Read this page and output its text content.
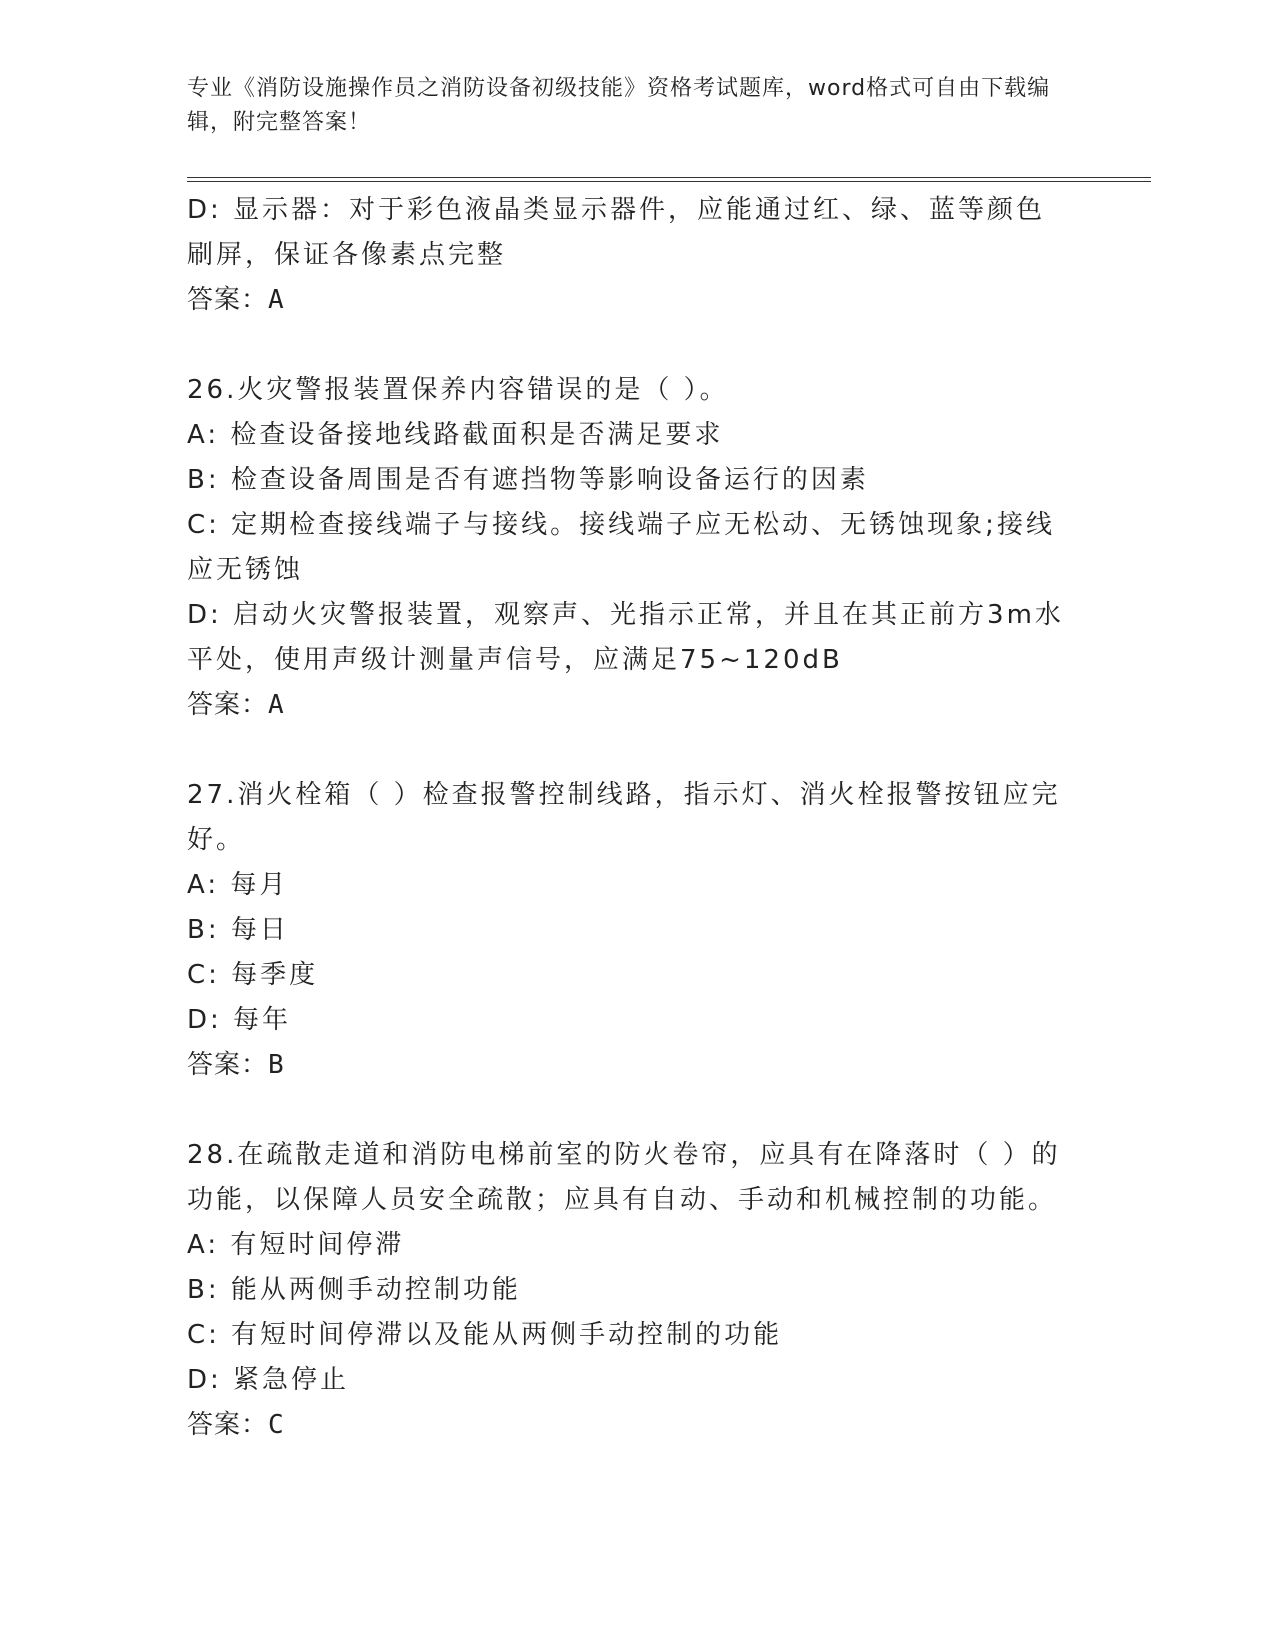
专业《消防设施操作员之消防设备初级技能》资格考试题库，word格式可自由下载编辑，附完整答案！

D: 显示器：对于彩色液晶类显示器件，应能通过红、绿、蓝等颜色刷屏，保证各像素点完整

答案：A

26.火灾警报装置保养内容错误的是（ ）。

A: 检查设备接地线路截面积是否满足要求

B: 检查设备周围是否有遮挡物等影响设备运行的因素

C: 定期检查接线端子与接线。接线端子应无松动、无锈蚀现象;接线应无锈蚀

D: 启动火灾警报装置，观察声、光指示正常，并且在其正前方3m水平处，使用声级计测量声信号，应满足75~120dB

答案：A

27.消火栓箱（ ）检查报警控制线路，指示灯、消火栓报警按钮应完好。

A: 每月

B: 每日

C: 每季度

D: 每年

答案：B

28.在疏散走道和消防电梯前室的防火卷帘，应具有在降落时（ ）的功能，以保障人员安全疏散；应具有自动、手动和机械控制的功能。

A: 有短时间停滞

B: 能从两侧手动控制功能

C: 有短时间停滞以及能从两侧手动控制的功能

D: 紧急停止

答案：C
